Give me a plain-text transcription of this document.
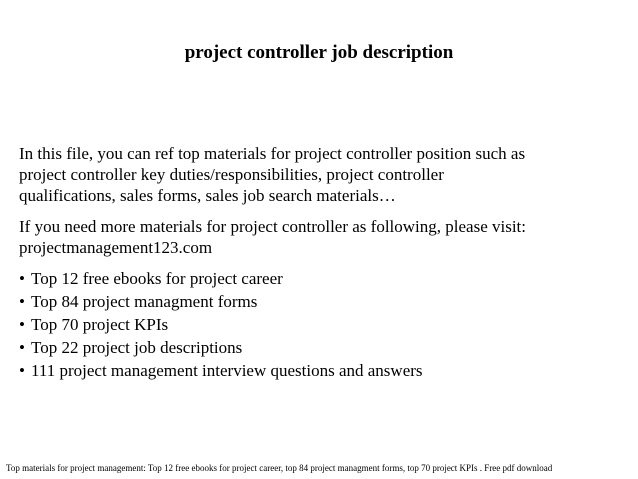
project controller job description

In this file, you can ref top materials for project controller position such as
project controller key duties/responsibilities, project controller
qualifications, sales forms, sales job search materials…

If you need more materials for project controller as following, please visit:
projectmanagement123.com

• Top 12 free ebooks for project career
• Top 84 project managment forms
• Top 70 project KPIs
• Top 22 project job descriptions
• 111 project management interview questions and answers
Top materials for project management: Top 12 free ebooks for project career, top 84 project managment forms, top 70 project KPIs . Free pdf download
